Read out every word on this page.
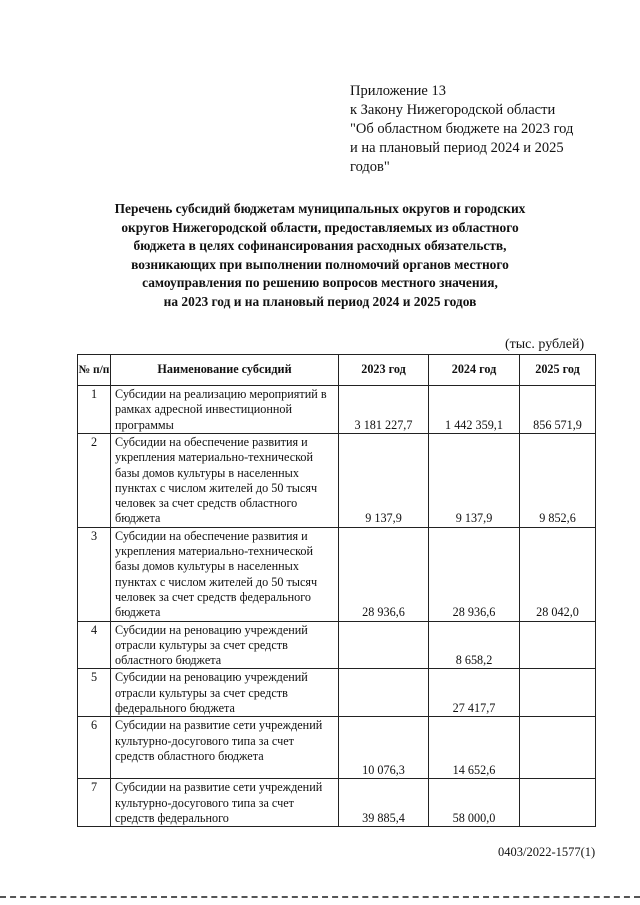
Приложение 13
к Закону Нижегородской области
"Об областном бюджете на 2023 год
и на плановый период 2024 и 2025
годов"
Перечень субсидий бюджетам муниципальных округов и городских
округов Нижегородской области, предоставляемых из областного
бюджета в целях софинансирования расходных обязательств,
возникающих при выполнении полномочий органов местного
самоуправления по решению вопросов местного значения,
на 2023 год и на плановый период 2024 и 2025 годов
(тыс. рублей)
№ п/п	Наименование субсидий	2023 год	2024 год	2025 год
1	Субсидии на реализацию мероприятий в рамках адресной инвестиционной программы	3 181 227,7	1 442 359,1	856 571,9
2	Субсидии на обеспечение развития и укрепления материально-технической базы домов культуры в населенных пунктах с числом жителей до 50 тысяч человек за счет средств областного бюджета	9 137,9	9 137,9	9 852,6
3	Субсидии на обеспечение развития и укрепления материально-технической базы домов культуры в населенных пунктах с числом жителей до 50 тысяч человек за счет средств федерального бюджета	28 936,6	28 936,6	28 042,0
4	Субсидии на реновацию учреждений отрасли культуры за счет средств областного бюджета		8 658,2	
5	Субсидии на реновацию учреждений отрасли культуры за счет средств федерального бюджета		27 417,7	
6	Субсидии на развитие сети учреждений культурно-досугового типа за счет средств областного бюджета	10 076,3	14 652,6	
7	Субсидии на развитие сети учреждений культурно-досугового типа за счет средств федерального	39 885,4	58 000,0	
0403/2022-1577(1)
